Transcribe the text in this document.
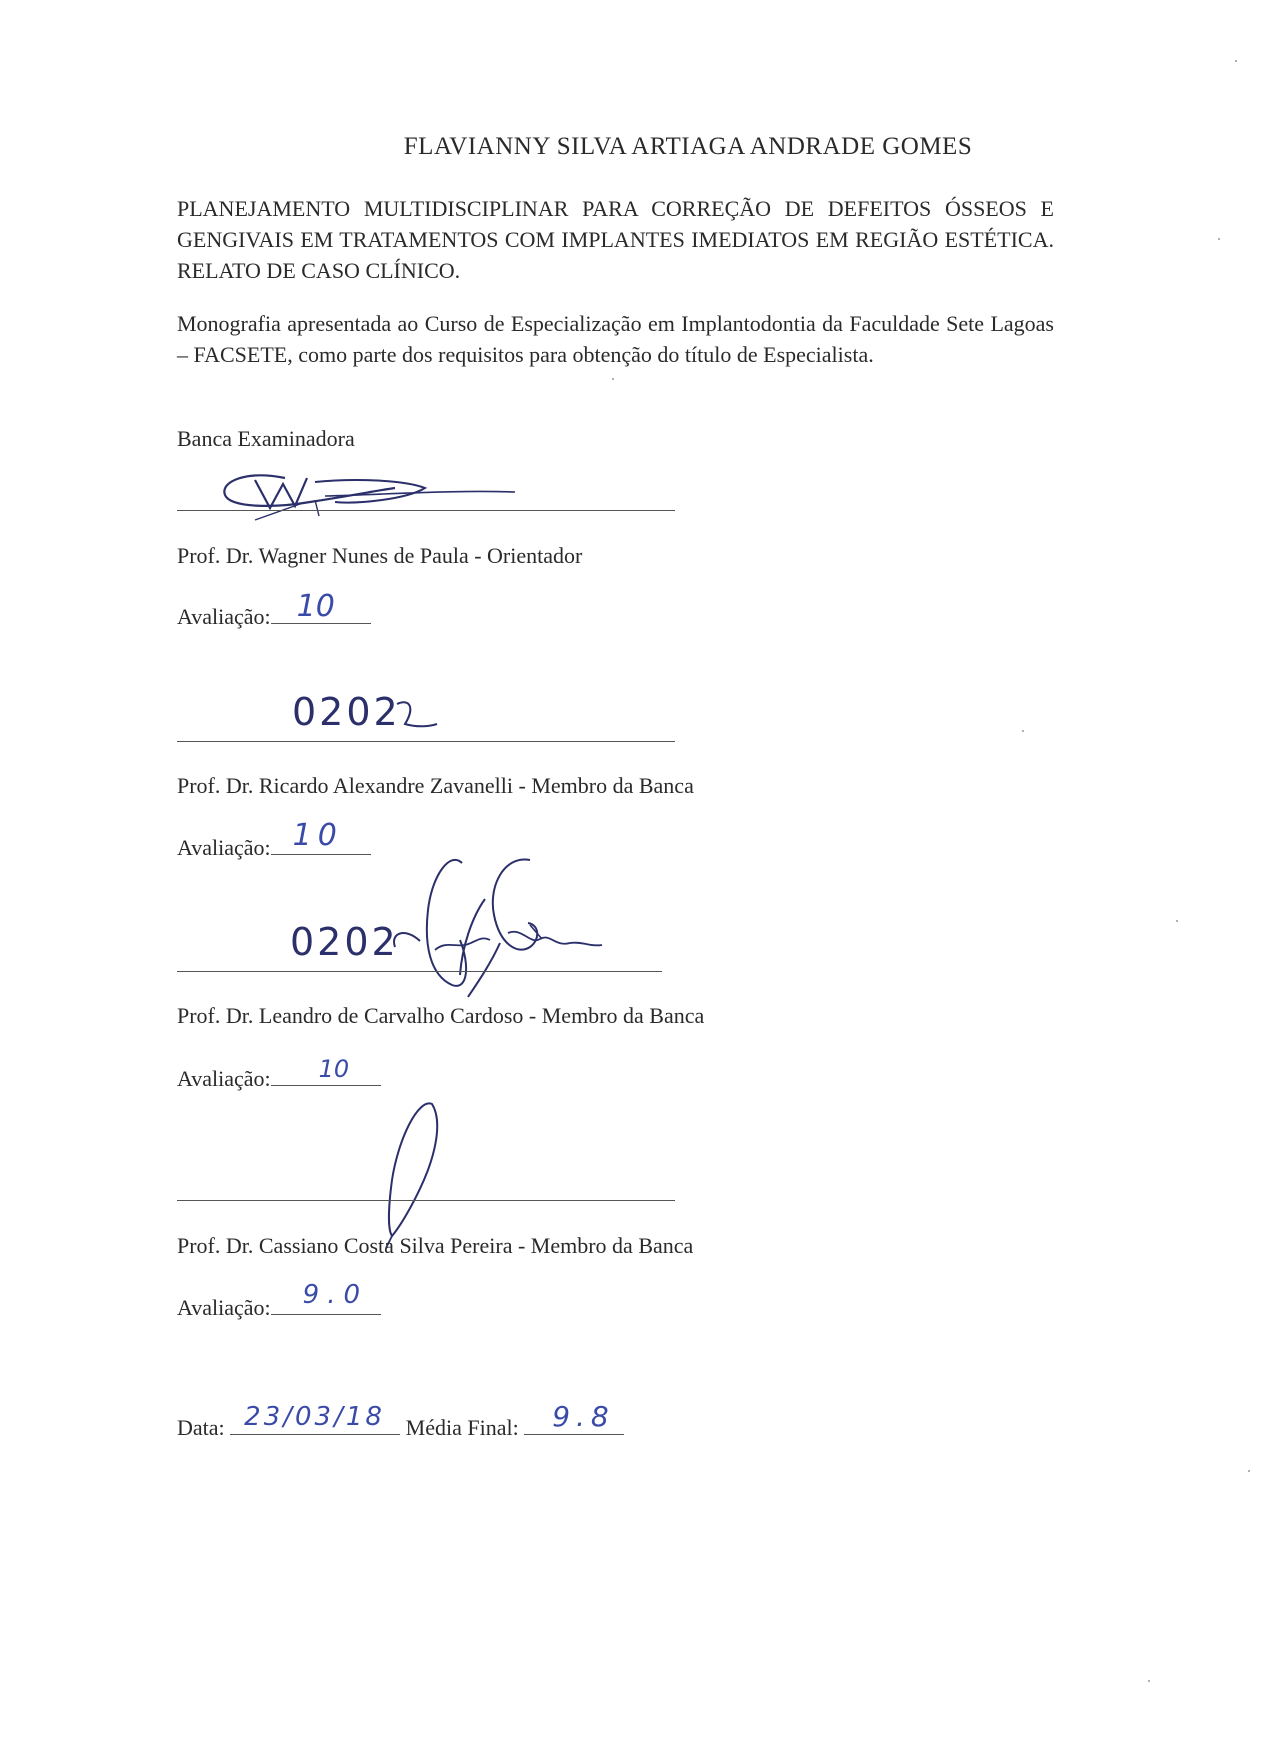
FLAVIANNY SILVA ARTIAGA ANDRADE GOMES
PLANEJAMENTO MULTIDISCIPLINAR PARA CORREÇÃO DE DEFEITOS ÓSSEOS E GENGIVAIS EM TRATAMENTOS COM IMPLANTES IMEDIATOS EM REGIÃO ESTÉTICA. RELATO DE CASO CLÍNICO.
Monografia apresentada ao Curso de Especialização em Implantodontia da Faculdade Sete Lagoas – FACSETE, como parte dos requisitos para obtenção do título de Especialista.
Banca Examinadora
Prof. Dr. Wagner Nunes de Paula - Orientador
Avaliação: 10
0202
Prof. Dr. Ricardo Alexandre Zavanelli - Membro da Banca
Avaliação: 10
0202
Prof. Dr. Leandro de Carvalho Cardoso - Membro da Banca
Avaliação: 10
Prof. Dr. Cassiano Costa Silva Pereira - Membro da Banca
Avaliação: 9.0
Data: 23/03/18 Média Final: 9.8
